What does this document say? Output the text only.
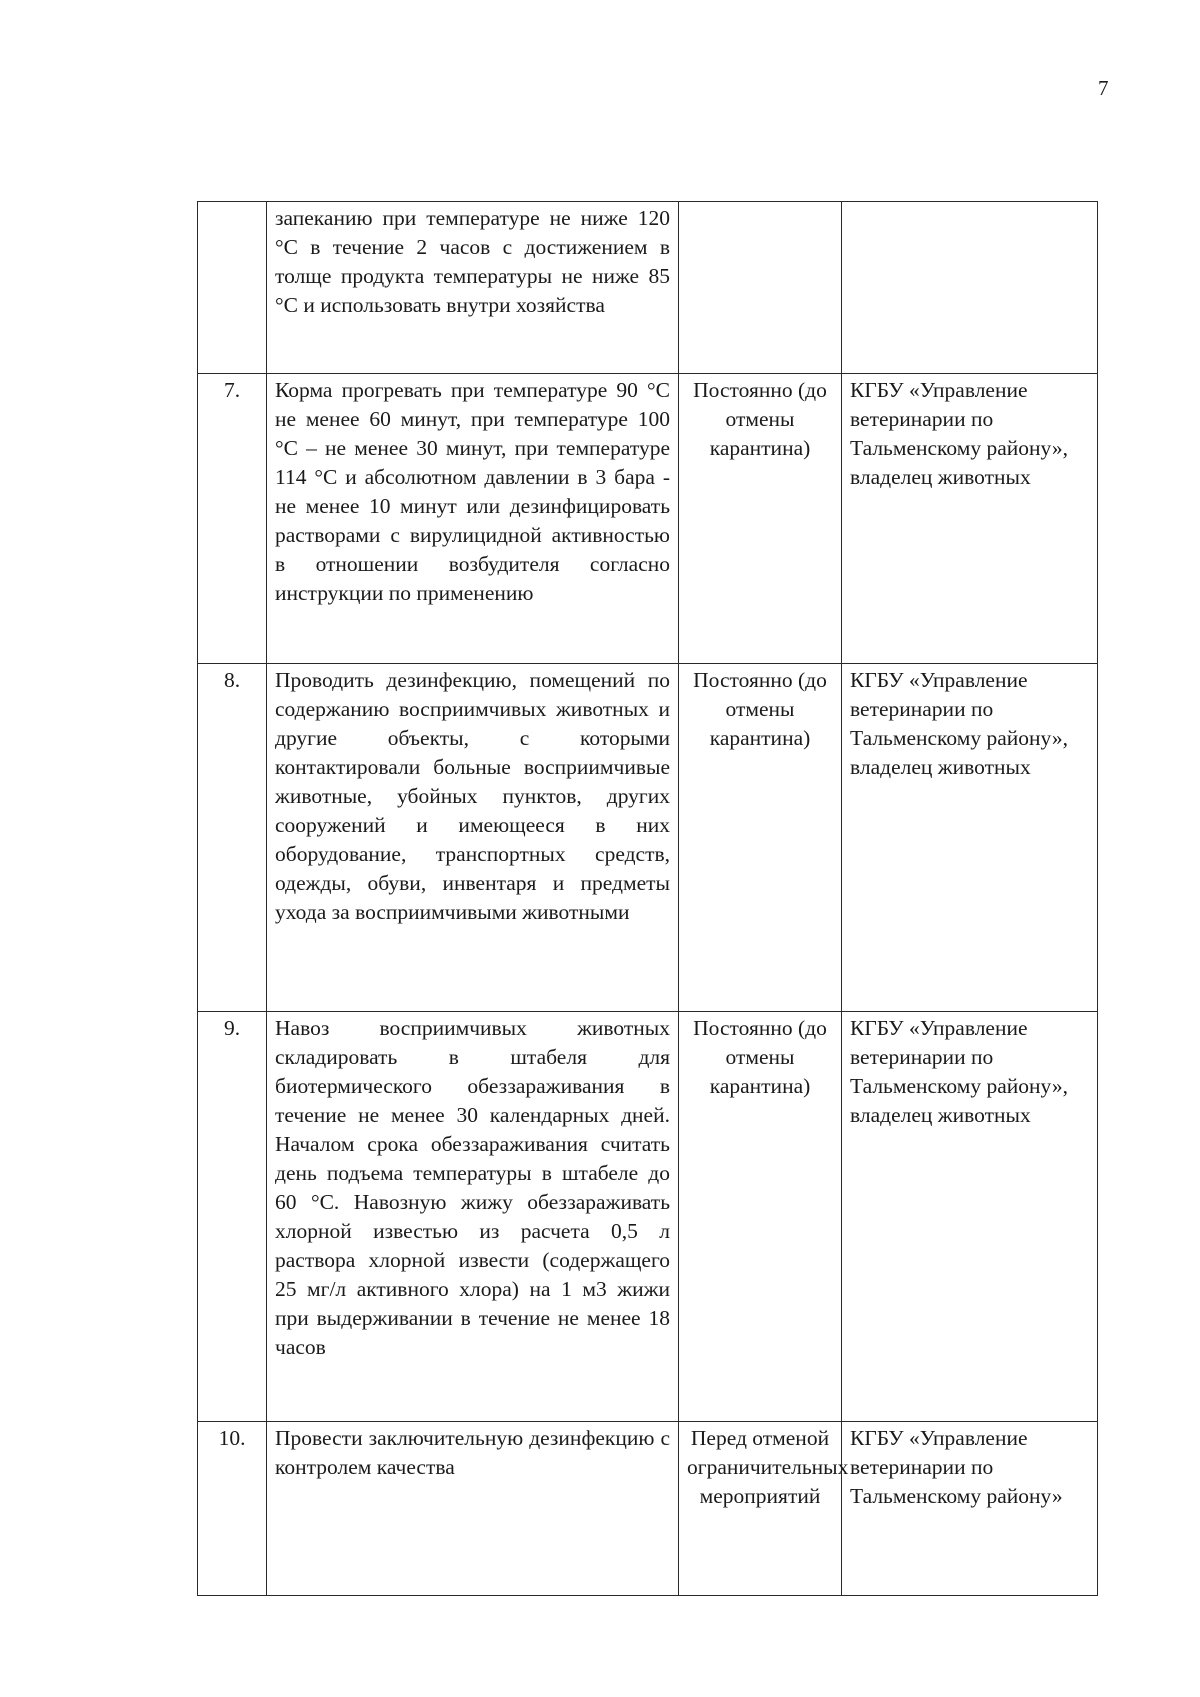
7
	запеканию при температуре не ниже 120 °С в течение 2 часов с достижением в толще продукта температуры не ниже 85 °С и использовать внутри хозяйства		
7.	Корма прогревать при температуре 90 °С не менее 60 минут, при температуре 100 °С – не менее 30 минут, при температуре 114 °С и абсолютном давлении в 3 бара - не менее 10 минут или дезинфицировать растворами с вирулицидной активностью в отношении возбудителя согласно инструкции по применению	Постоянно (до отмены карантина)	КГБУ «Управление ветеринарии по Тальменскому району», владелец животных
8.	Проводить дезинфекцию, помещений по содержанию восприимчивых животных и другие объекты, с которыми контактировали больные восприимчивые животные, убойных пунктов, других сооружений и имеющееся в них оборудование, транспортных средств, одежды, обуви, инвентаря и предметы ухода за восприимчивыми животными	Постоянно (до отмены карантина)	КГБУ «Управление ветеринарии по Тальменскому району», владелец животных
9.	Навоз восприимчивых животных складировать в штабеля для биотермического обеззараживания в течение не менее 30 календарных дней. Началом срока обеззараживания считать день подъема температуры в штабеле до 60 °С. Навозную жижу обеззараживать хлорной известью из расчета 0,5 л раствора хлорной извести (содержащего 25 мг/л активного хлора) на 1 м3 жижи при выдерживании в течение не менее 18 часов	Постоянно (до отмены карантина)	КГБУ «Управление ветеринарии по Тальменскому району», владелец животных
10.	Провести заключительную дезинфекцию с контролем качества	Перед отменой ограничительных мероприятий	КГБУ «Управление ветеринарии по Тальменскому району»
